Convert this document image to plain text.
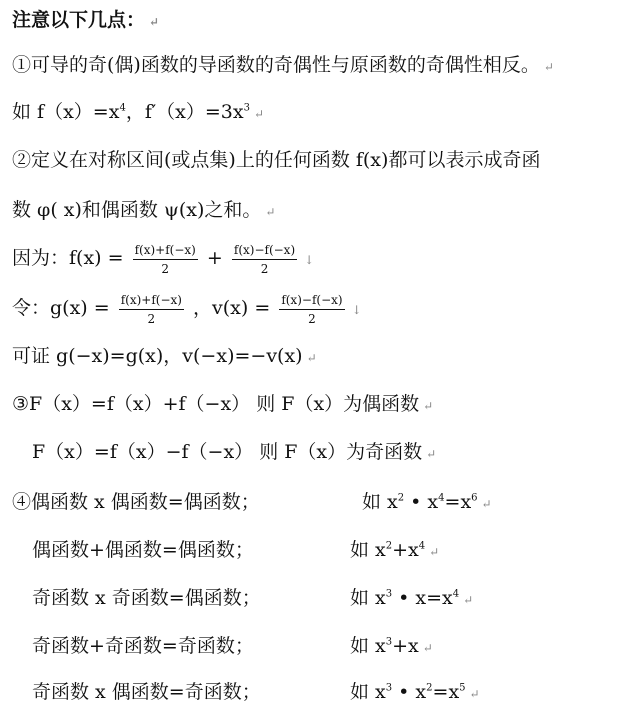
注意以下几点： ↵
①可导的奇(偶)函数的导函数的奇偶性与原函数的奇偶性相反。 ↵
如 $f(x)=x^4$，$f'(x)=3x^3$ ↵
②定义在对称区间(或点集)上的任何函数 f(x)都可以表示成奇函
数 φ( x)和偶函数 ψ(x)之和。 ↵
因为：$f(x) = \frac{f(x)+f(-x)}{2} + \frac{f(x)-f(-x)}{2}$ ↓
令：$g(x) = \frac{f(x)+f(-x)}{2}$ ，$v(x) = \frac{f(x)-f(-x)}{2}$ ↓
可证 g(−x)=g(x)，v(−x)=−v(x) ↵
③F（x）=f（x）+f（−x） 则 F（x）为偶函数 ↵
F（x）=f（x）−f（−x） 则 F（x）为奇函数 ↵
④偶函数 x 偶函数=偶函数；	如 $x^2$ • $x^4=x^6$ ↵
偶函数+偶函数=偶函数；	如 $x^2+x^4$ ↵
奇函数 x 奇函数=偶函数；	如 $x^3$ • $x=x^4$ ↵
奇函数+奇函数=奇函数；	如 $x^3+x$ ↵
奇函数 x 偶函数=奇函数；	如 $x^3$ • $x^2=x^5$ ↵
